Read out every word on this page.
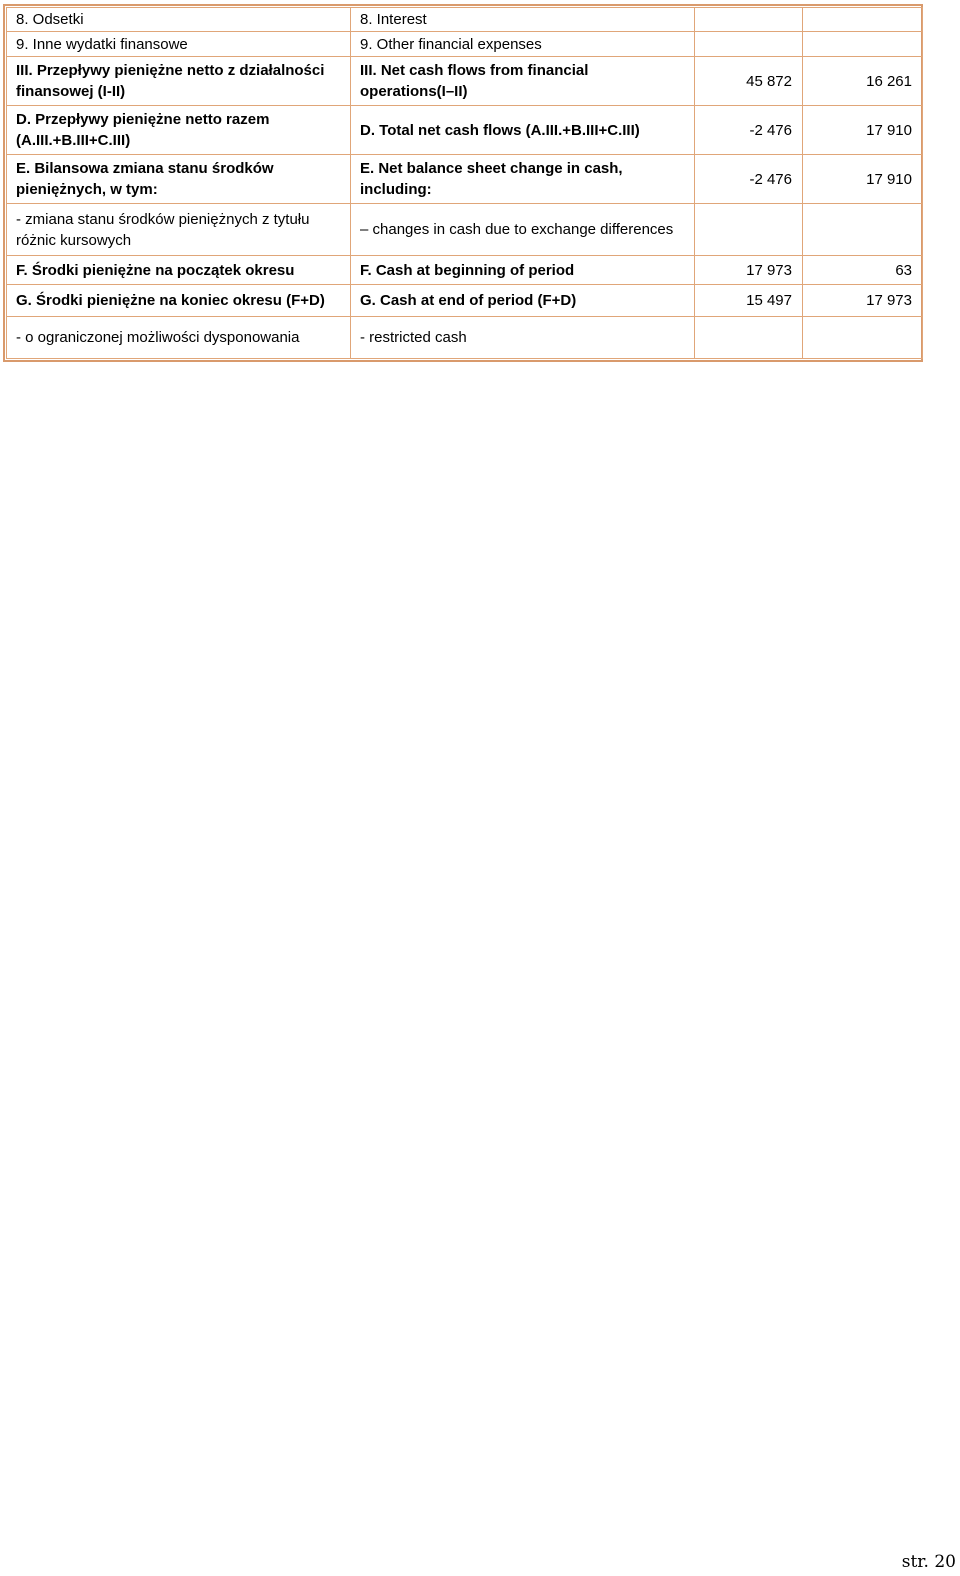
8. Odsetki	8. Interest		
9. Inne wydatki finansowe	9. Other financial expenses		
III. Przepływy pieniężne netto z działalności finansowej (I-II)	III. Net cash flows from financial operations(I–II)	45 872	16 261
D. Przepływy pieniężne netto razem (A.III.+B.III+C.III)	D. Total net cash flows (A.III.+B.III+C.III)	-2 476	17 910
E. Bilansowa zmiana stanu środków pieniężnych, w tym:	E. Net balance sheet change in cash, including:	-2 476	17 910
- zmiana stanu środków pieniężnych z tytułu różnic kursowych	– changes in cash due to exchange differences		
F. Środki pieniężne na początek okresu	F. Cash at beginning of period	17 973	63
G. Środki pieniężne na koniec okresu (F+D)	G. Cash at end of period (F+D)	15 497	17 973
- o ograniczonej możliwości dysponowania	- restricted cash		
str. 20
